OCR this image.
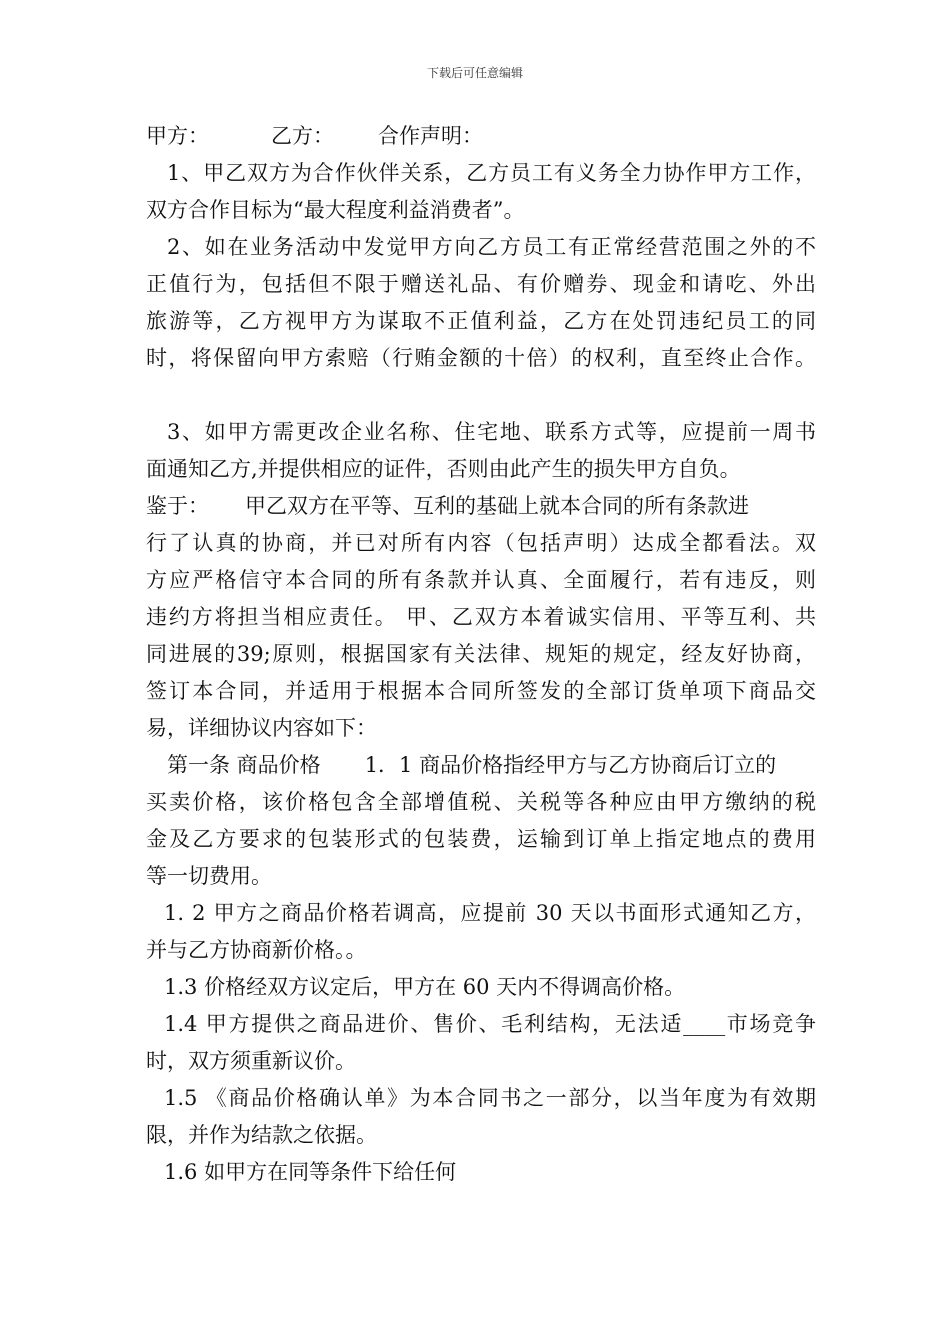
下载后可任意编辑
甲方：	乙方： 合作声明：
1、甲乙双方为合作伙伴关系，乙方员工有义务全力协作甲方工作，
双方合作目标为“最大程度利益消费者”。
2、如在业务活动中发觉甲方向乙方员工有正常经营范围之外的不
正值行为，包括但不限于赠送礼品、有价赠券、现金和请吃、外出
旅游等，乙方视甲方为谋取不正值利益，乙方在处罚违纪员工的同
时，将保留向甲方索赔（行贿金额的十倍）的权利，直至终止合作。
3、如甲方需更改企业名称、住宅地、联系方式等，应提前一周书
面通知乙方,并提供相应的证件，否则由此产生的损失甲方自负。
鉴于： 甲乙双方在平等、互利的基础上就本合同的所有条款进
行了认真的协商，并已对所有内容（包括声明）达成全都看法。双
方应严格信守本合同的所有条款并认真、全面履行，若有违反，则
违约方将担当相应责任。 甲、乙双方本着诚实信用、平等互利、共
同进展的39;原则，根据国家有关法律、规矩的规定，经友好协商，
签订本合同，并适用于根据本合同所签发的全部订货单项下商品交
易，详细协议内容如下：
第一条 商品价格 1．1 商品价格指经甲方与乙方协商后订立的
买卖价格，该价格包含全部增值税、关税等各种应由甲方缴纳的税
金及乙方要求的包装形式的包装费，运输到订单上指定地点的费用
等一切费用。
1. 2 甲方之商品价格若调高，应提前 30 天以书面形式通知乙方，
并与乙方协商新价格。。
1.3 价格经双方议定后，甲方在 60 天内不得调高价格。
1.4 甲方提供之商品进价、售价、毛利结构，无法适____市场竞争
时，双方须重新议价。
1.5 《商品价格确认单》为本合同书之一部分，以当年度为有效期
限，并作为结款之依据。
1.6 如甲方在同等条件下给任何
